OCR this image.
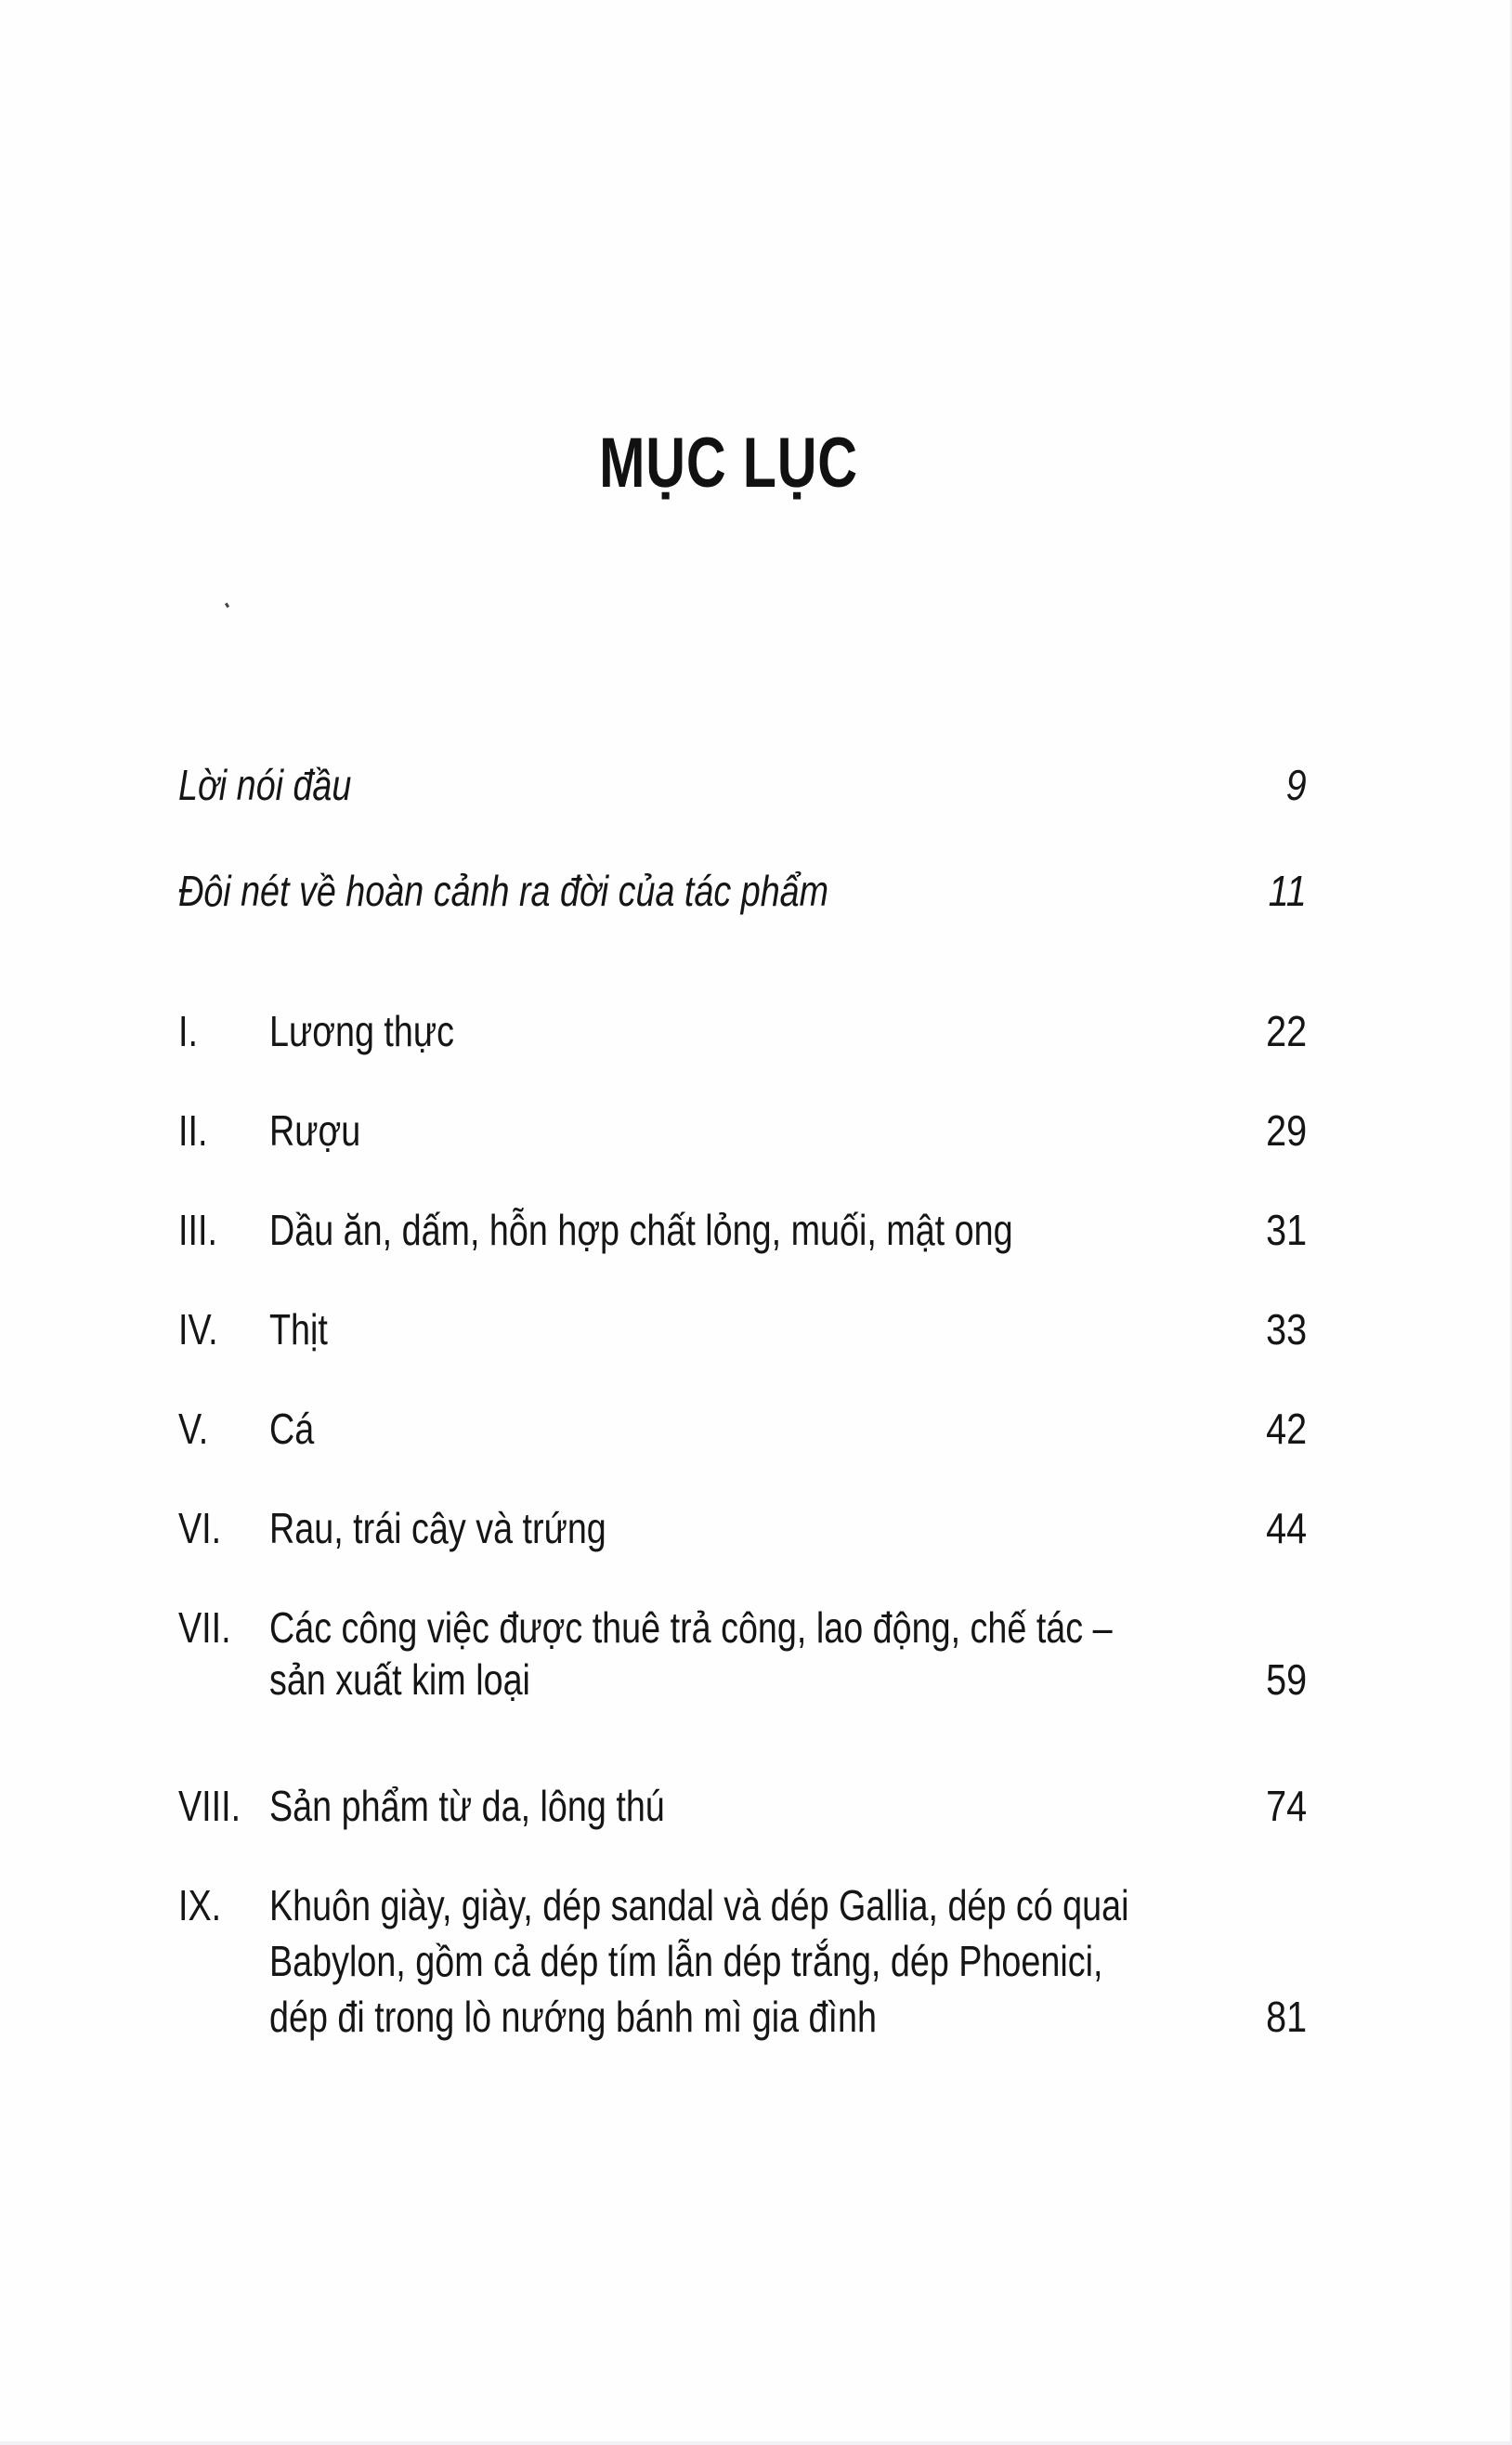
MỤC LỤC
Lời nói đầu	9
Đôi nét về hoàn cảnh ra đời của tác phẩm	11
I. Lương thực	22
II. Rượu	29
III. Dầu ăn, dấm, hỗn hợp chất lỏng, muối, mật ong	31
IV. Thịt	33
V. Cá	42
VI. Rau, trái cây và trứng	44
VII. Các công việc được thuê trả công, lao động, chế tác –
sản xuất kim loại	59
VIII. Sản phẩm từ da, lông thú	74
IX. Khuôn giày, giày, dép sandal và dép Gallia, dép có quai
Babylon, gồm cả dép tím lẫn dép trắng, dép Phoenici,
dép đi trong lò nướng bánh mì gia đình	81
